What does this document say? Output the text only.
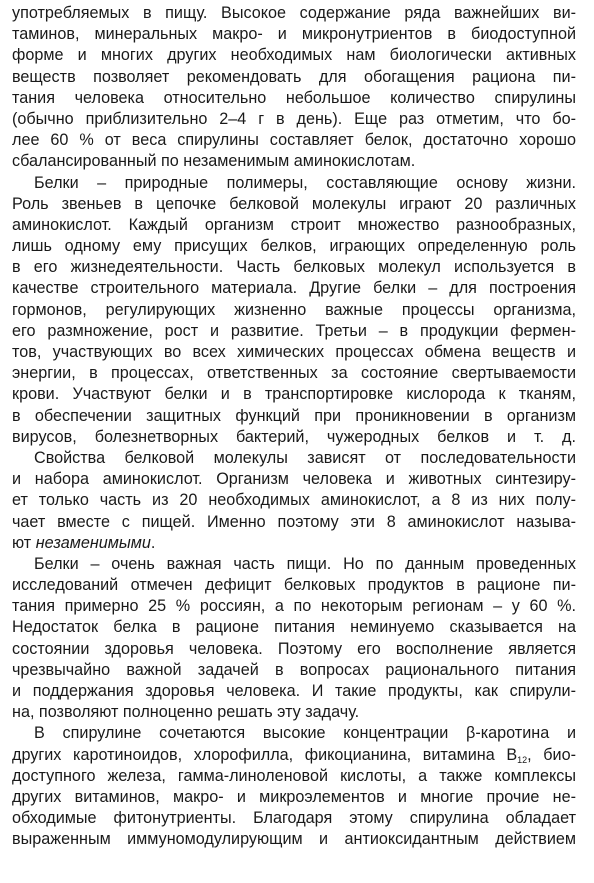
употребляемых в пищу. Высокое содержание ряда важнейших ви-
таминов, минеральных макро- и микронутриентов в биодоступной
форме и многих других необходимых нам биологически активных
веществ позволяет рекомендовать для обогащения рациона пи-
тания человека относительно небольшое количество спирулины
(обычно приблизительно 2–4 г в день). Еще раз отметим, что бо-
лее 60 % от веса спирулины составляет белок, достаточно хорошо
сбалансированный по незаменимым аминокислотам.
Белки – природные полимеры, составляющие основу жизни.
Роль звеньев в цепочке белковой молекулы играют 20 различных
аминокислот. Каждый организм строит множество разнообразных,
лишь одному ему присущих белков, играющих определенную роль
в его жизнедеятельности. Часть белковых молекул используется в
качестве строительного материала. Другие белки – для построения
гормонов, регулирующих жизненно важные процессы организма,
его размножение, рост и развитие. Третьи – в продукции фермен-
тов, участвующих во всех химических процессах обмена веществ и
энергии, в процессах, ответственных за состояние свертываемости
крови. Участвуют белки и в транспортировке кислорода к тканям,
в обеспечении защитных функций при проникновении в организм
вирусов, болезнетворных бактерий, чужеродных белков и т. д.
Свойства белковой молекулы зависят от последовательности
и набора аминокислот. Организм человека и животных синтезиру-
ет только часть из 20 необходимых аминокислот, а 8 из них полу-
чает вместе с пищей. Именно поэтому эти 8 аминокислот называ-
ют незаменимыми.
Белки – очень важная часть пищи. Но по данным проведенных
исследований отмечен дефицит белковых продуктов в рационе пи-
тания примерно 25 % россиян, а по некоторым регионам – у 60 %.
Недостаток белка в рационе питания неминуемо сказывается на
состоянии здоровья человека. Поэтому его восполнение является
чрезвычайно важной задачей в вопросах рационального питания
и поддержания здоровья человека. И такие продукты, как спирули-
на, позволяют полноценно решать эту задачу.
В спирулине сочетаются высокие концентрации β-каротина и
других каротиноидов, хлорофилла, фикоцианина, витамина $В_{12}$, био-
доступного железа, гамма-линоленовой кислоты, а также комплексы
других витаминов, макро- и микроэлементов и многие прочие не-
обходимые фитонутриенты. Благодаря этому спирулина обладает
выраженным иммуномодулирующим и антиоксидантным действием
